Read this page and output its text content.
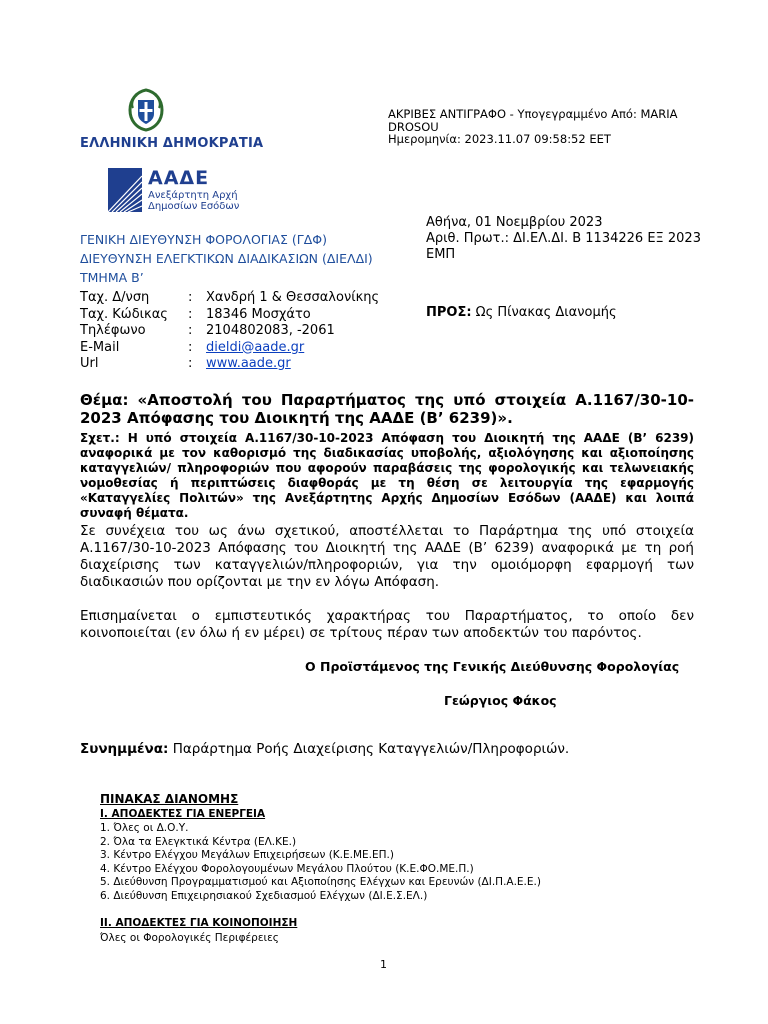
ΕΛΛΗΝΙΚΗ ΔΗΜΟΚΡΑΤΙΑ
ΑΚΡΙΒΕΣ ΑΝΤΙΓΡΑΦΟ - Υπογεγραμμένο Από: MARIA
DROSOU
Ημερομηνία: 2023.11.07 09:58:52 EET
ΑΑΔΕ
Ανεξάρτητη Αρχή
Δημοσίων Εσόδων
ΓΕΝΙΚΗ ΔΙΕΥΘΥΝΣΗ ΦΟΡΟΛΟΓΙΑΣ (ΓΔΦ)
ΔΙΕΥΘΥΝΣΗ ΕΛΕΓΚΤΙΚΩΝ ΔΙΑΔΙΚΑΣΙΩΝ (ΔΙΕΛΔΙ)
ΤΜΗΜΑ Β’
Ταχ. Δ/νση	:	Χανδρή 1 & Θεσσαλονίκης
Ταχ. Κώδικας	:	18346 Μοσχάτο
Τηλέφωνο	:	2104802083, -2061
E-Mail	:	dieldi@aade.gr
Url	:	www.aade.gr
Αθήνα, 01 Νοεμβρίου 2023
Αριθ. Πρωτ.: ΔΙ.ΕΛ.ΔΙ. Β 1134226 ΕΞ 2023
ΕΜΠ
ΠΡΟΣ: Ως Πίνακας Διανομής
Θέμα: «Αποστολή του Παραρτήματος της υπό στοιχεία Α.1167/30-10-2023 Απόφασης του Διοικητή της ΑΑΔΕ (Β’ 6239)».
Σχετ.: Η υπό στοιχεία Α.1167/30-10-2023 Απόφαση του Διοικητή της ΑΑΔΕ (Β’ 6239) αναφορικά με τον καθορισμό της διαδικασίας υποβολής, αξιολόγησης και αξιοποίησης καταγγελιών/ πληροφοριών που αφορούν παραβάσεις της φορολογικής και τελωνειακής νομοθεσίας ή περιπτώσεις διαφθοράς με τη θέση σε λειτουργία της εφαρμογής «Καταγγελίες Πολιτών» της Ανεξάρτητης Αρχής Δημοσίων Εσόδων (ΑΑΔΕ) και λοιπά συναφή θέματα.
Σε συνέχεια του ως άνω σχετικού, αποστέλλεται το Παράρτημα της υπό στοιχεία Α.1167/30-10-2023 Απόφασης του Διοικητή της ΑΑΔΕ (Β’ 6239) αναφορικά με τη ροή διαχείρισης των καταγγελιών/πληροφοριών, για την ομοιόμορφη εφαρμογή των διαδικασιών που ορίζονται με την εν λόγω Απόφαση.
Επισημαίνεται ο εμπιστευτικός χαρακτήρας του Παραρτήματος, το οποίο δεν κοινοποιείται (εν όλω ή εν μέρει) σε τρίτους πέραν των αποδεκτών του παρόντος.
Ο Προϊστάμενος της Γενικής Διεύθυνσης Φορολογίας
Γεώργιος Φάκος
Συνημμένα: Παράρτημα Ροής Διαχείρισης Καταγγελιών/Πληροφοριών.
ΠΙΝΑΚΑΣ ΔΙΑΝΟΜΗΣ
Ι. ΑΠΟΔΕΚΤΕΣ ΓΙΑ ΕΝΕΡΓΕΙΑ
1. Όλες οι Δ.Ο.Υ.
2. Όλα τα Ελεγκτικά Κέντρα (ΕΛ.ΚΕ.)
3. Κέντρο Ελέγχου Μεγάλων Επιχειρήσεων (Κ.Ε.ΜΕ.ΕΠ.)
4. Κέντρο Ελέγχου Φορολογουμένων Μεγάλου Πλούτου (Κ.Ε.ΦΟ.ΜΕ.Π.)
5. Διεύθυνση Προγραμματισμού και Αξιοποίησης Ελέγχων και Ερευνών (ΔΙ.Π.Α.Ε.Ε.)
6. Διεύθυνση Επιχειρησιακού Σχεδιασμού Ελέγχων (ΔΙ.Ε.Σ.ΕΛ.)
ΙΙ. ΑΠΟΔΕΚΤΕΣ ΓΙΑ ΚΟΙΝΟΠΟΙΗΣΗ
Όλες οι Φορολογικές Περιφέρειες
1
